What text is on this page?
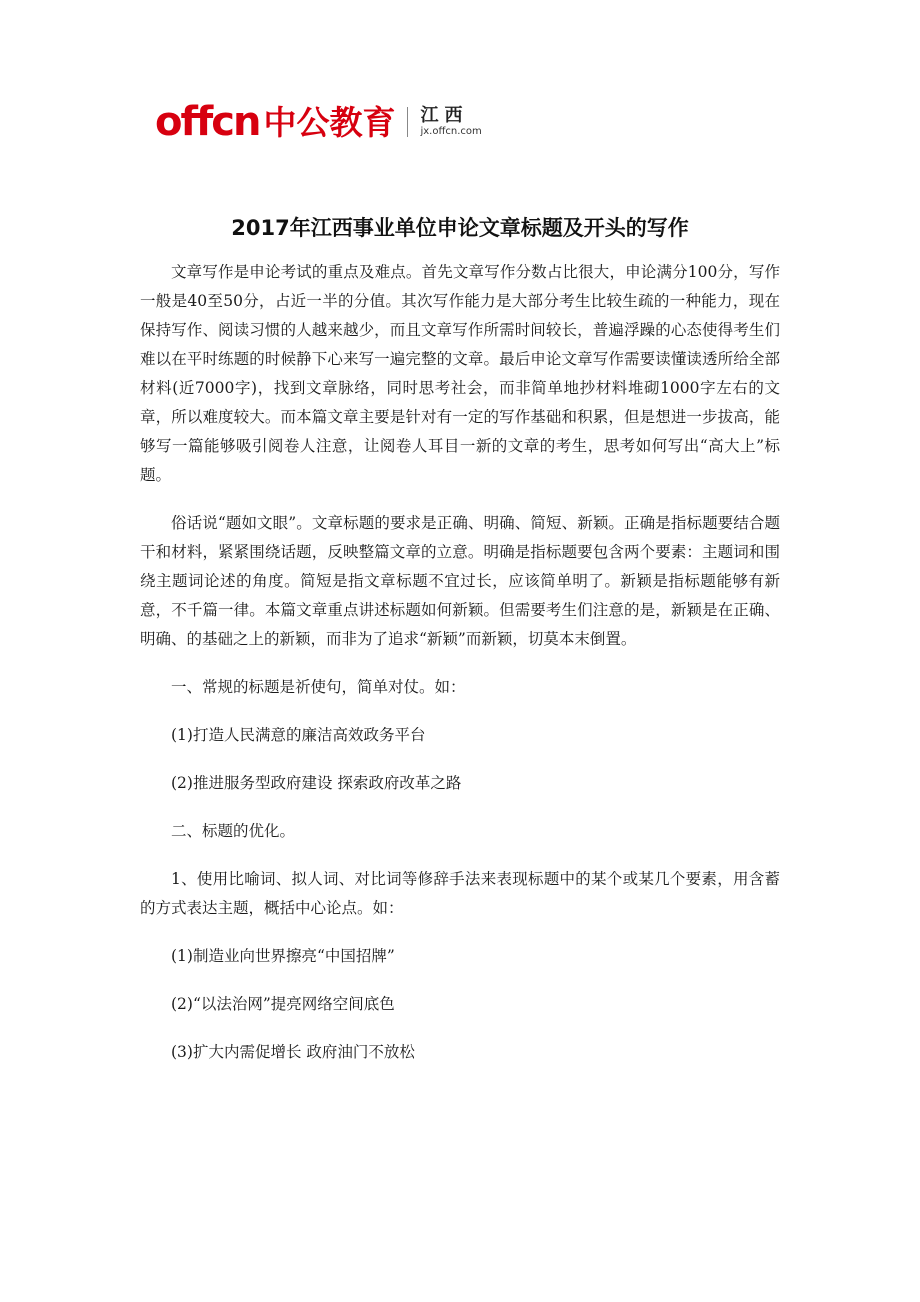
offcn 中公教育 江西
jx.offcn.com
2017年江西事业单位申论文章标题及开头的写作

文章写作是申论考试的重点及难点。首先文章写作分数占比很大，申论满分100分，写作一般是40至50分，占近一半的分值。其次写作能力是大部分考生比较生疏的一种能力，现在保持写作、阅读习惯的人越来越少，而且文章写作所需时间较长，普遍浮躁的心态使得考生们难以在平时练题的时候静下心来写一遍完整的文章。最后申论文章写作需要读懂读透所给全部材料(近7000字)，找到文章脉络，同时思考社会，而非简单地抄材料堆砌1000字左右的文章，所以难度较大。而本篇文章主要是针对有一定的写作基础和积累，但是想进一步拔高，能够写一篇能够吸引阅卷人注意，让阅卷人耳目一新的文章的考生，思考如何写出“高大上”标题。

俗话说“题如文眼”。文章标题的要求是正确、明确、简短、新颖。正确是指标题要结合题干和材料，紧紧围绕话题，反映整篇文章的立意。明确是指标题要包含两个要素：主题词和围绕主题词论述的角度。简短是指文章标题不宜过长，应该简单明了。新颖是指标题能够有新意，不千篇一律。本篇文章重点讲述标题如何新颖。但需要考生们注意的是，新颖是在正确、明确、的基础之上的新颖，而非为了追求“新颖”而新颖，切莫本末倒置。

一、常规的标题是祈使句，简单对仗。如：

(1)打造人民满意的廉洁高效政务平台

(2)推进服务型政府建设 探索政府改革之路

二、标题的优化。

1、使用比喻词、拟人词、对比词等修辞手法来表现标题中的某个或某几个要素，用含蓄的方式表达主题，概括中心论点。如：

(1)制造业向世界擦亮“中国招牌”

(2)“以法治网”提亮网络空间底色

(3)扩大内需促增长 政府油门不放松
